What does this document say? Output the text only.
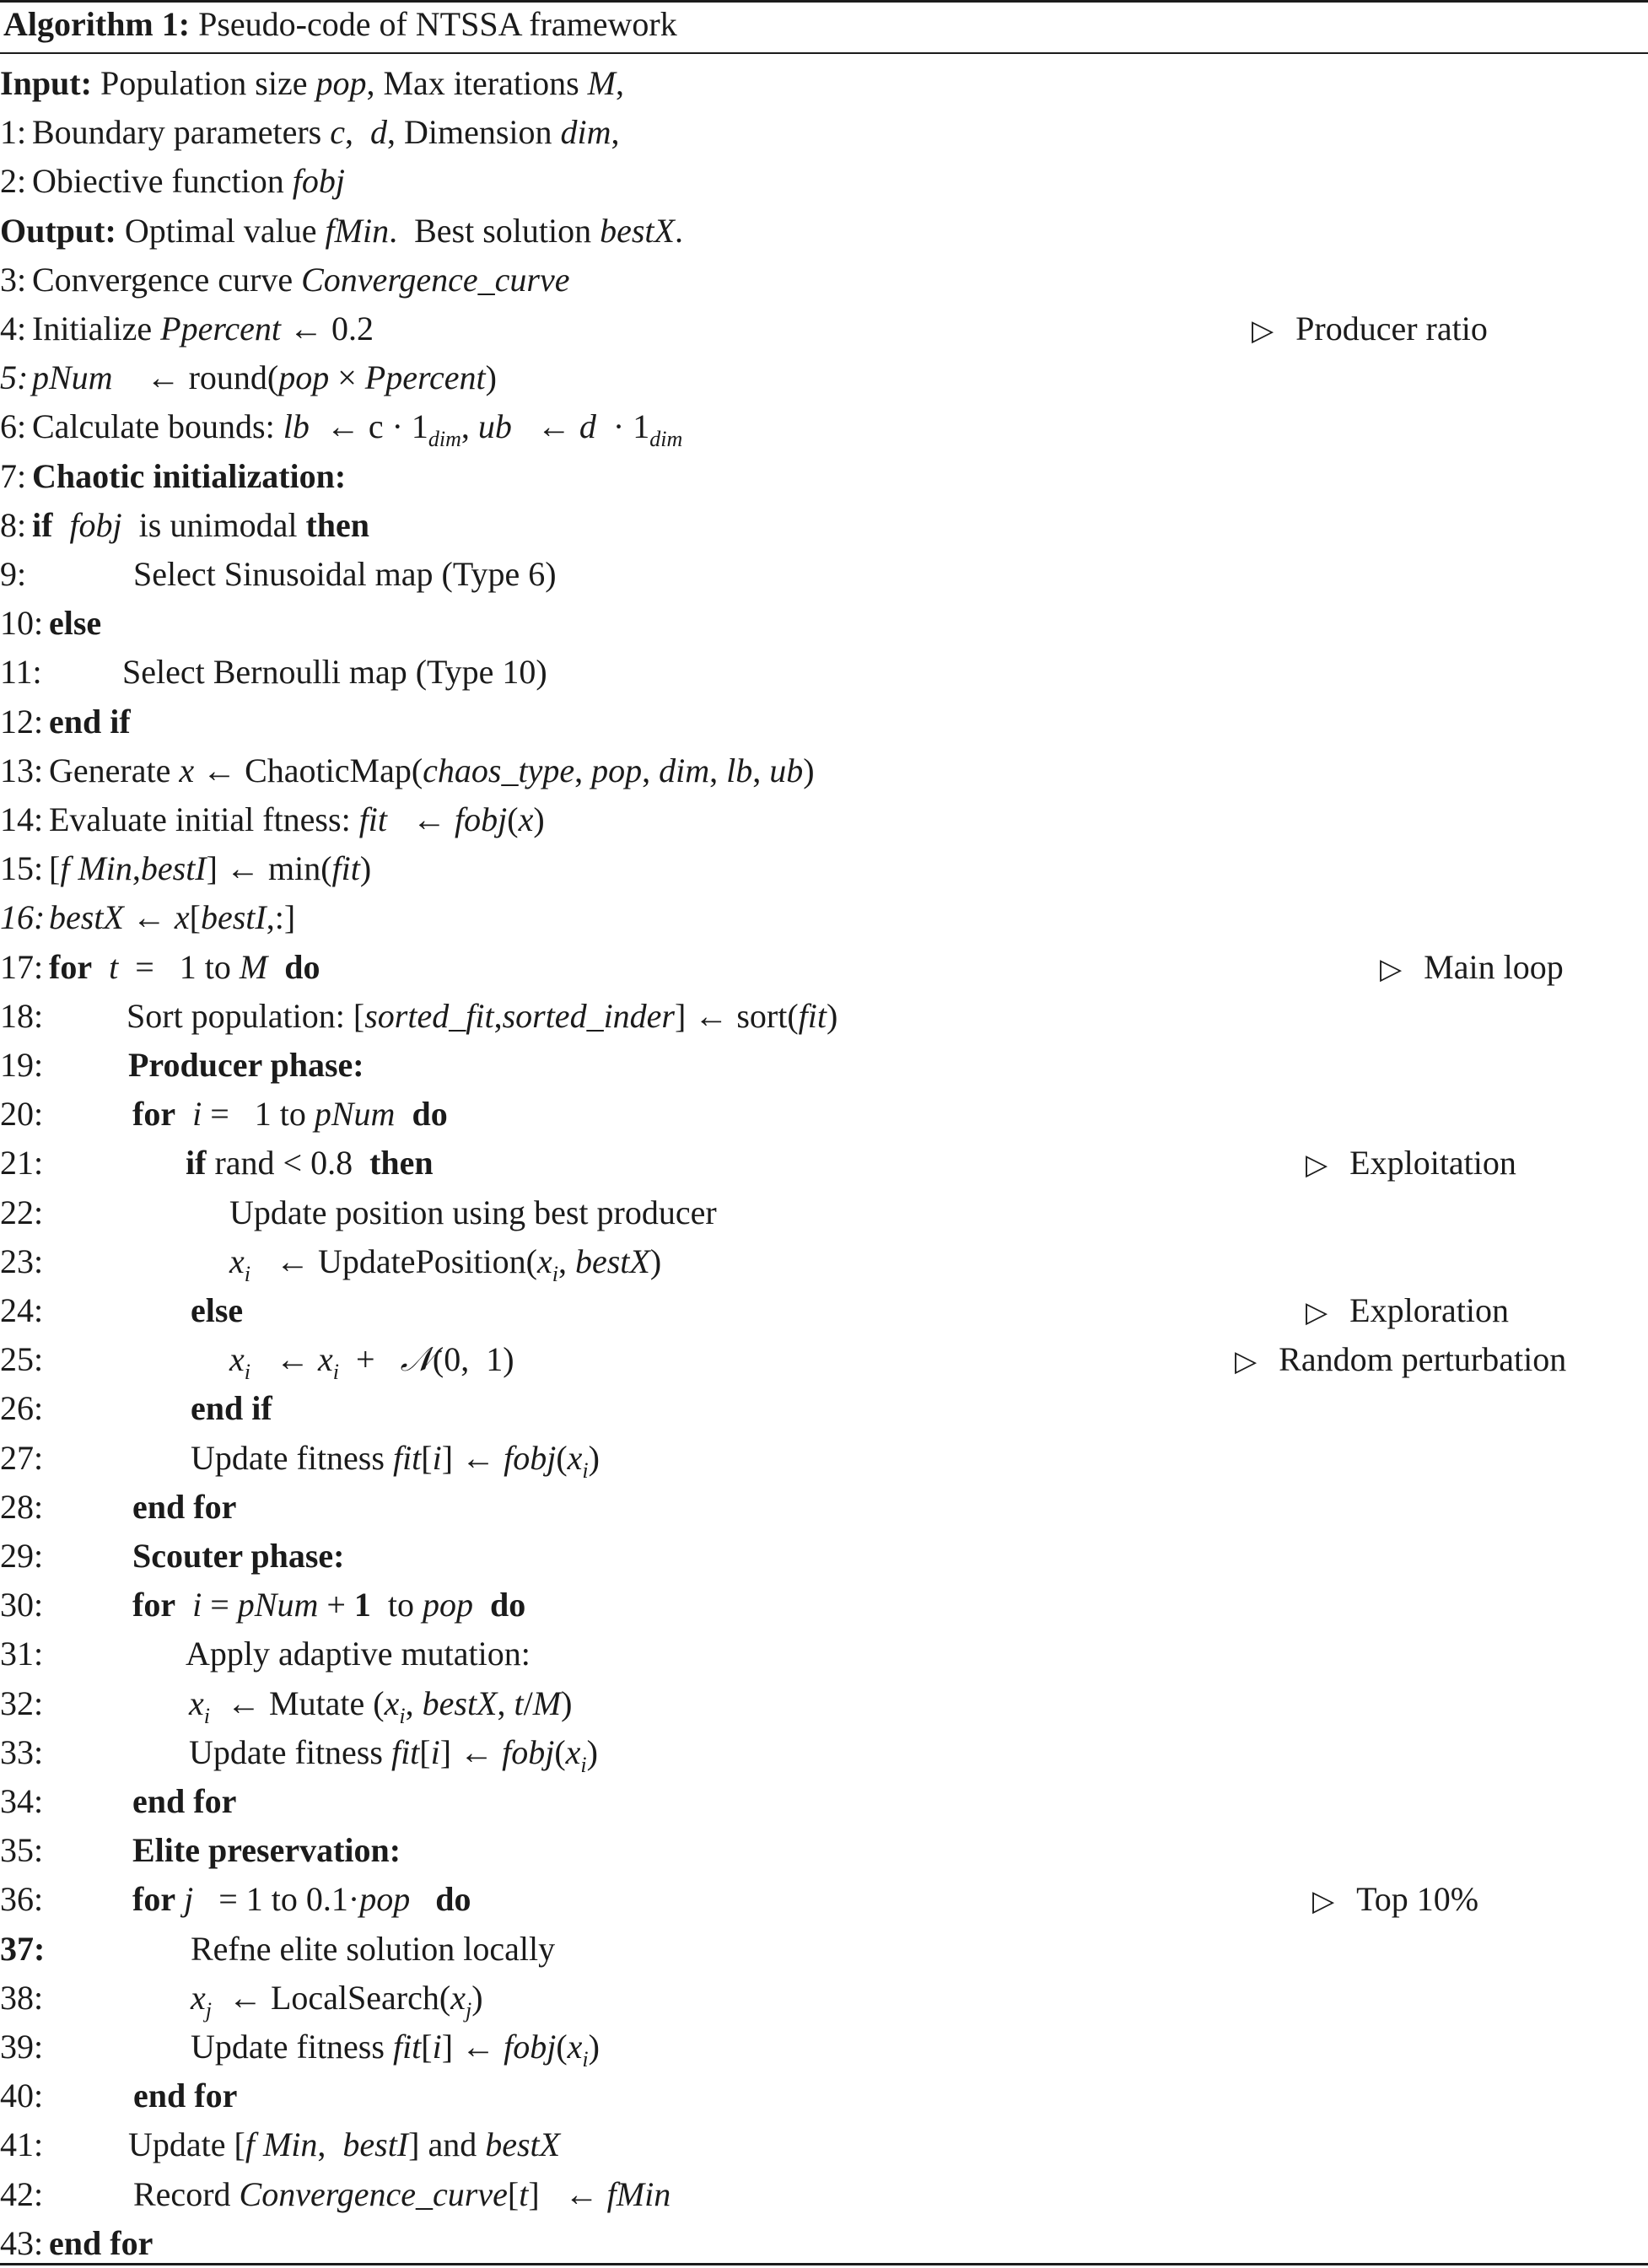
Algorithm 1: Pseudo-code of NTSSA framework
Input: Population size pop, Max iterations M,
1: Boundary parameters c,  d, Dimension dim,
2: Obiective function fobj
Output: Optimal value fMin.  Best solution bestX.
3: Convergence curve Convergence_curve
4: Initialize Ppercent ← 0.2	▷ Producer ratio
5: pNum    ← round(pop × Ppercent)
6: Calculate bounds: lb  ← $c \cdot 1_{dim}$, ub   ← $d \cdot 1_{dim}$
7: Chaotic initialization:
8: if fobj  is unimodal then
9:	Select Sinusoidal map (Type 6)
10: else
11: Select Bernoulli map (Type 10)
12: end if
13: Generate x ← ChaoticMap(chaos_type, pop, dim, lb, ub)
14: Evaluate initial ftness: fit   ← fobj(x)
15: [f Min,bestI] ← min(fit)
16: bestX ← x[bestI,:]
17: for t  =   1 to M do	▷ Main loop
18: Sort population: [sorted_fit,sorted_inder] ← sort(fit)
19:	Producer phase:
20:	for i =   1 to pNum do
21:	if rand < 0.8  then	▷ Exploitation
22:	Update position using best producer
23:	$x_i$   ← $UpdatePosition(x_i$, bestX)
24:	else	▷ Exploration
25:	$x_i$   ← $x_i$  +   𝒩(0,  1)	▷ Random perturbation
26:	end if
27:	Update fitness fit[i] ← $fobj(x_i)$
28:	end for
29:	Scouter phase:
30:	for i = pNum + 1  to pop do
31:	Apply adaptive mutation:
32:	$x_i$  ← Mutate ($x_i$, bestX, t/M)
33:	Update fitness fit[i] ← $fobj(x_i)$
34:	end for
35:	Elite preservation:
36:	for j   = 1 to 0.1·pop do	▷ Top 10%
37:	Refne elite solution locally
38:	$x_j$  ← $LocalSearch(x_j)$
39:	Update fitness fit[i] ← $fobj(x_i)$
40:	end for
41:	Update [f Min,  bestI] and bestX
42:	Record Convergence_curve[t]   ← fMin
43: end for
